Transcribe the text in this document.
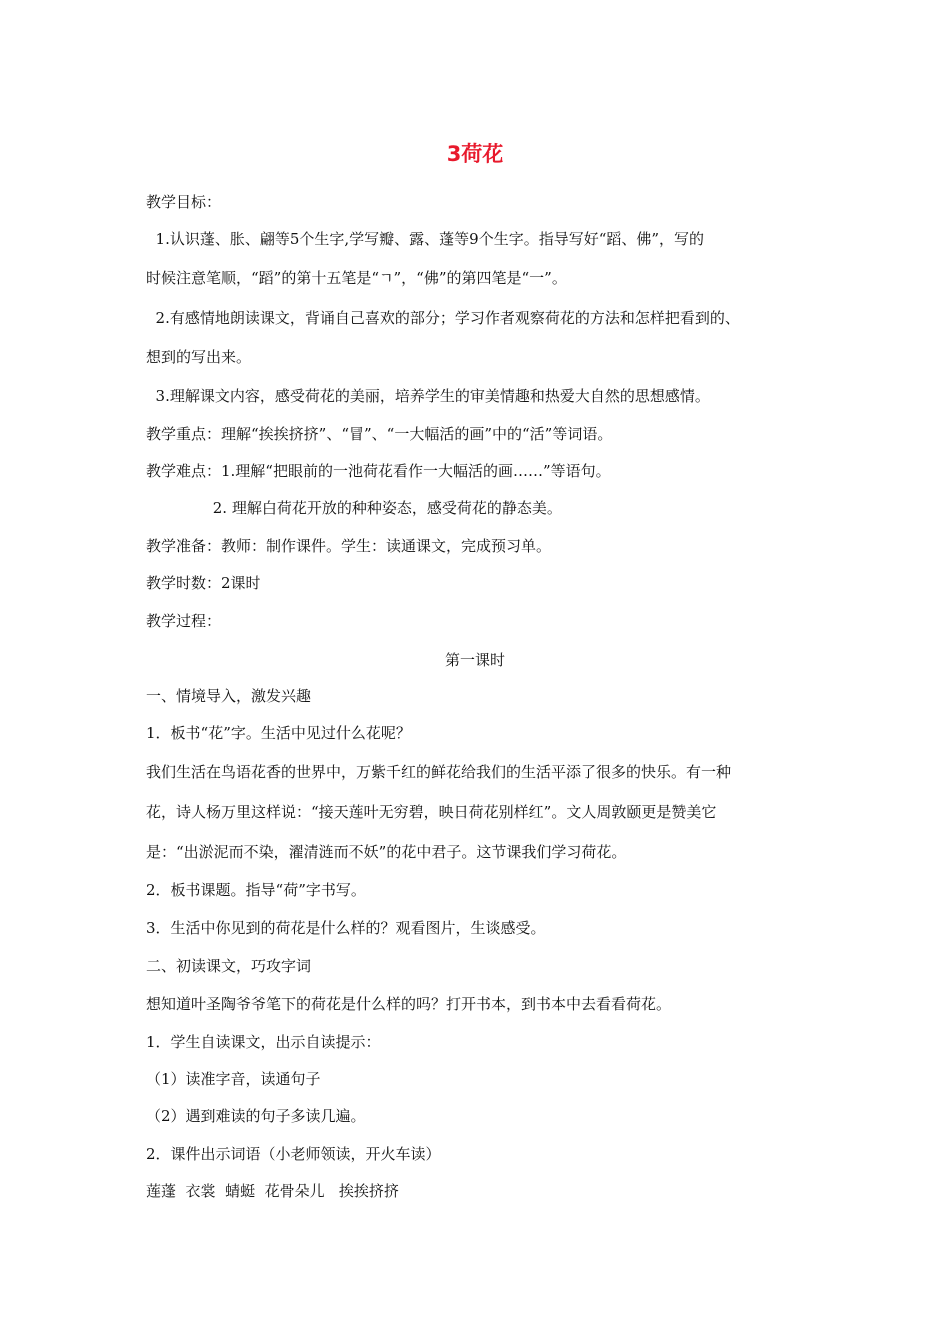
3荷花
教学目标：
1.认识蓬、胀、翩等5个生字,学写瓣、露、蓬等9个生字。指导写好“蹈、佛”，写的
时候注意笔顺，“蹈”的第十五笔是“ㄱ”，“佛”的第四笔是“一”。
2.有感情地朗读课文，背诵自己喜欢的部分；学习作者观察荷花的方法和怎样把看到的、
想到的写出来。
3.理解课文内容，感受荷花的美丽，培养学生的审美情趣和热爱大自然的思想感情。
教学重点：理解“挨挨挤挤”、“冒”、“一大幅活的画”中的“活”等词语。
教学难点：1.理解“把眼前的一池荷花看作一大幅活的画……”等语句。
2. 理解白荷花开放的种种姿态，感受荷花的静态美。
教学准备：教师：制作课件。学生：读通课文，完成预习单。
教学时数：2课时
教学过程：
第一课时
一、情境导入，激发兴趣
1．板书“花”字。生活中见过什么花呢？
我们生活在鸟语花香的世界中，万紫千红的鲜花给我们的生活平添了很多的快乐。有一种
花，诗人杨万里这样说：“接天莲叶无穷碧，映日荷花别样红”。文人周敦颐更是赞美它
是：“出淤泥而不染，濯清涟而不妖”的花中君子。这节课我们学习荷花。
2．板书课题。指导“荷”字书写。
3．生活中你见到的荷花是什么样的？观看图片，生谈感受。
二、初读课文，巧攻字词
想知道叶圣陶爷爷笔下的荷花是什么样的吗？打开书本，到书本中去看看荷花。
1．学生自读课文，出示自读提示：
（1）读准字音，读通句子
（2）遇到难读的句子多读几遍。
2．课件出示词语（小老师领读，开火车读）
莲蓬  衣裳  蜻蜓  花骨朵儿   挨挨挤挤
